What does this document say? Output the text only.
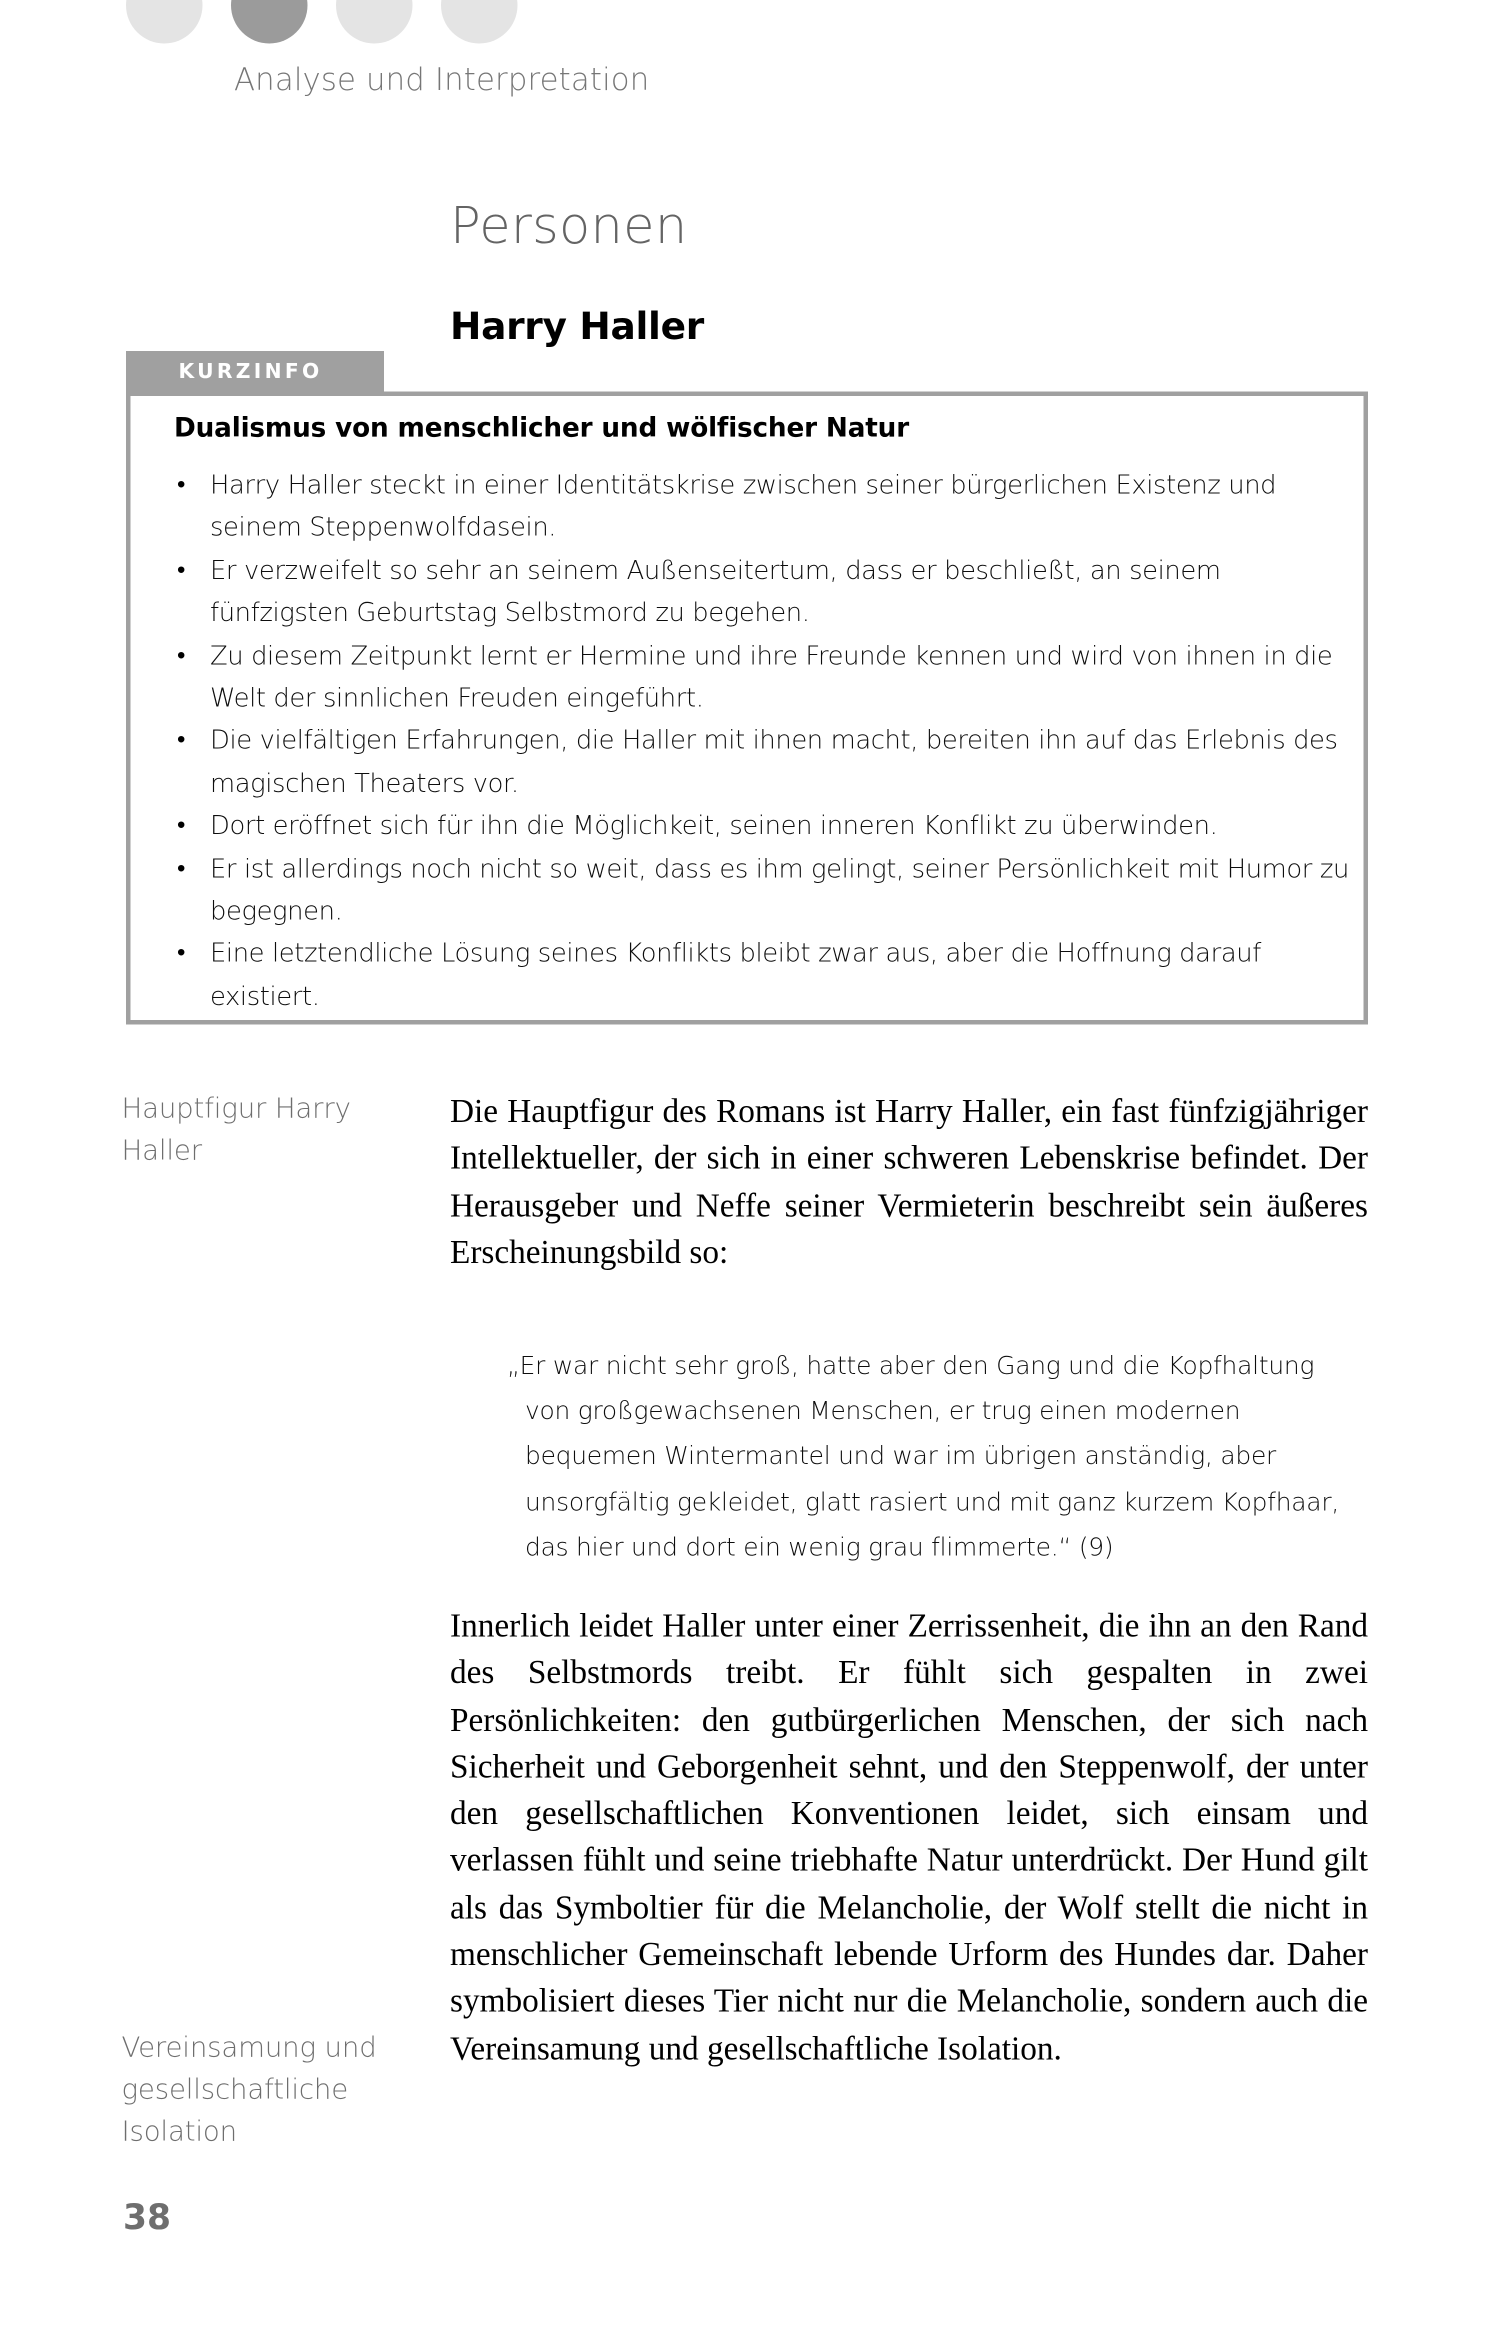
Analyse und Interpretation
Personen
Harry Haller
KURZINFO
Dualismus von menschlicher und wölfischer Natur
• Harry Haller steckt in einer Identitätskrise zwischen seiner bürgerlichen Existenz und seinem Steppenwolfdasein.
• Er verzweifelt so sehr an seinem Außenseitertum, dass er beschließt, an seinem fünfzigsten Geburtstag Selbstmord zu begehen.
• Zu diesem Zeitpunkt lernt er Hermine und ihre Freunde kennen und wird von ihnen in die Welt der sinnlichen Freuden eingeführt.
• Die vielfältigen Erfahrungen, die Haller mit ihnen macht, bereiten ihn auf das Erlebnis des magischen Theaters vor.
• Dort eröffnet sich für ihn die Möglichkeit, seinen inneren Konflikt zu überwinden.
• Er ist allerdings noch nicht so weit, dass es ihm gelingt, seiner Persönlichkeit mit Humor zu begegnen.
• Eine letztendliche Lösung seines Konflikts bleibt zwar aus, aber die Hoffnung darauf existiert.
Hauptfigur Harry Haller
Vereinsamung und gesellschaftliche Isolation
Die Hauptfigur des Romans ist Harry Haller, ein fast fünfzigjähriger Intellektueller, der sich in einer schweren Lebenskrise befindet. Der Herausgeber und Neffe seiner Vermieterin beschreibt sein äußeres Erscheinungsbild so:
„Er war nicht sehr groß, hatte aber den Gang und die Kopfhaltung von großgewachsenen Menschen, er trug einen modernen bequemen Wintermantel und war im übrigen anständig, aber unsorgfältig gekleidet, glatt rasiert und mit ganz kurzem Kopfhaar, das hier und dort ein wenig grau flimmerte.“ (9)
Innerlich leidet Haller unter einer Zerrissenheit, die ihn an den Rand des Selbstmords treibt. Er fühlt sich gespalten in zwei Persönlichkeiten: den gutbürgerlichen Menschen, der sich nach Sicherheit und Geborgenheit sehnt, und den Steppenwolf, der unter den gesellschaftlichen Konventionen leidet, sich einsam und verlassen fühlt und seine triebhafte Natur unterdrückt. Der Hund gilt als das Symboltier für die Melancholie, der Wolf stellt die nicht in menschlicher Gemeinschaft lebende Urform des Hundes dar. Daher symbolisiert dieses Tier nicht nur die Melancholie, sondern auch die Vereinsamung und gesellschaftliche Isolation.
38
